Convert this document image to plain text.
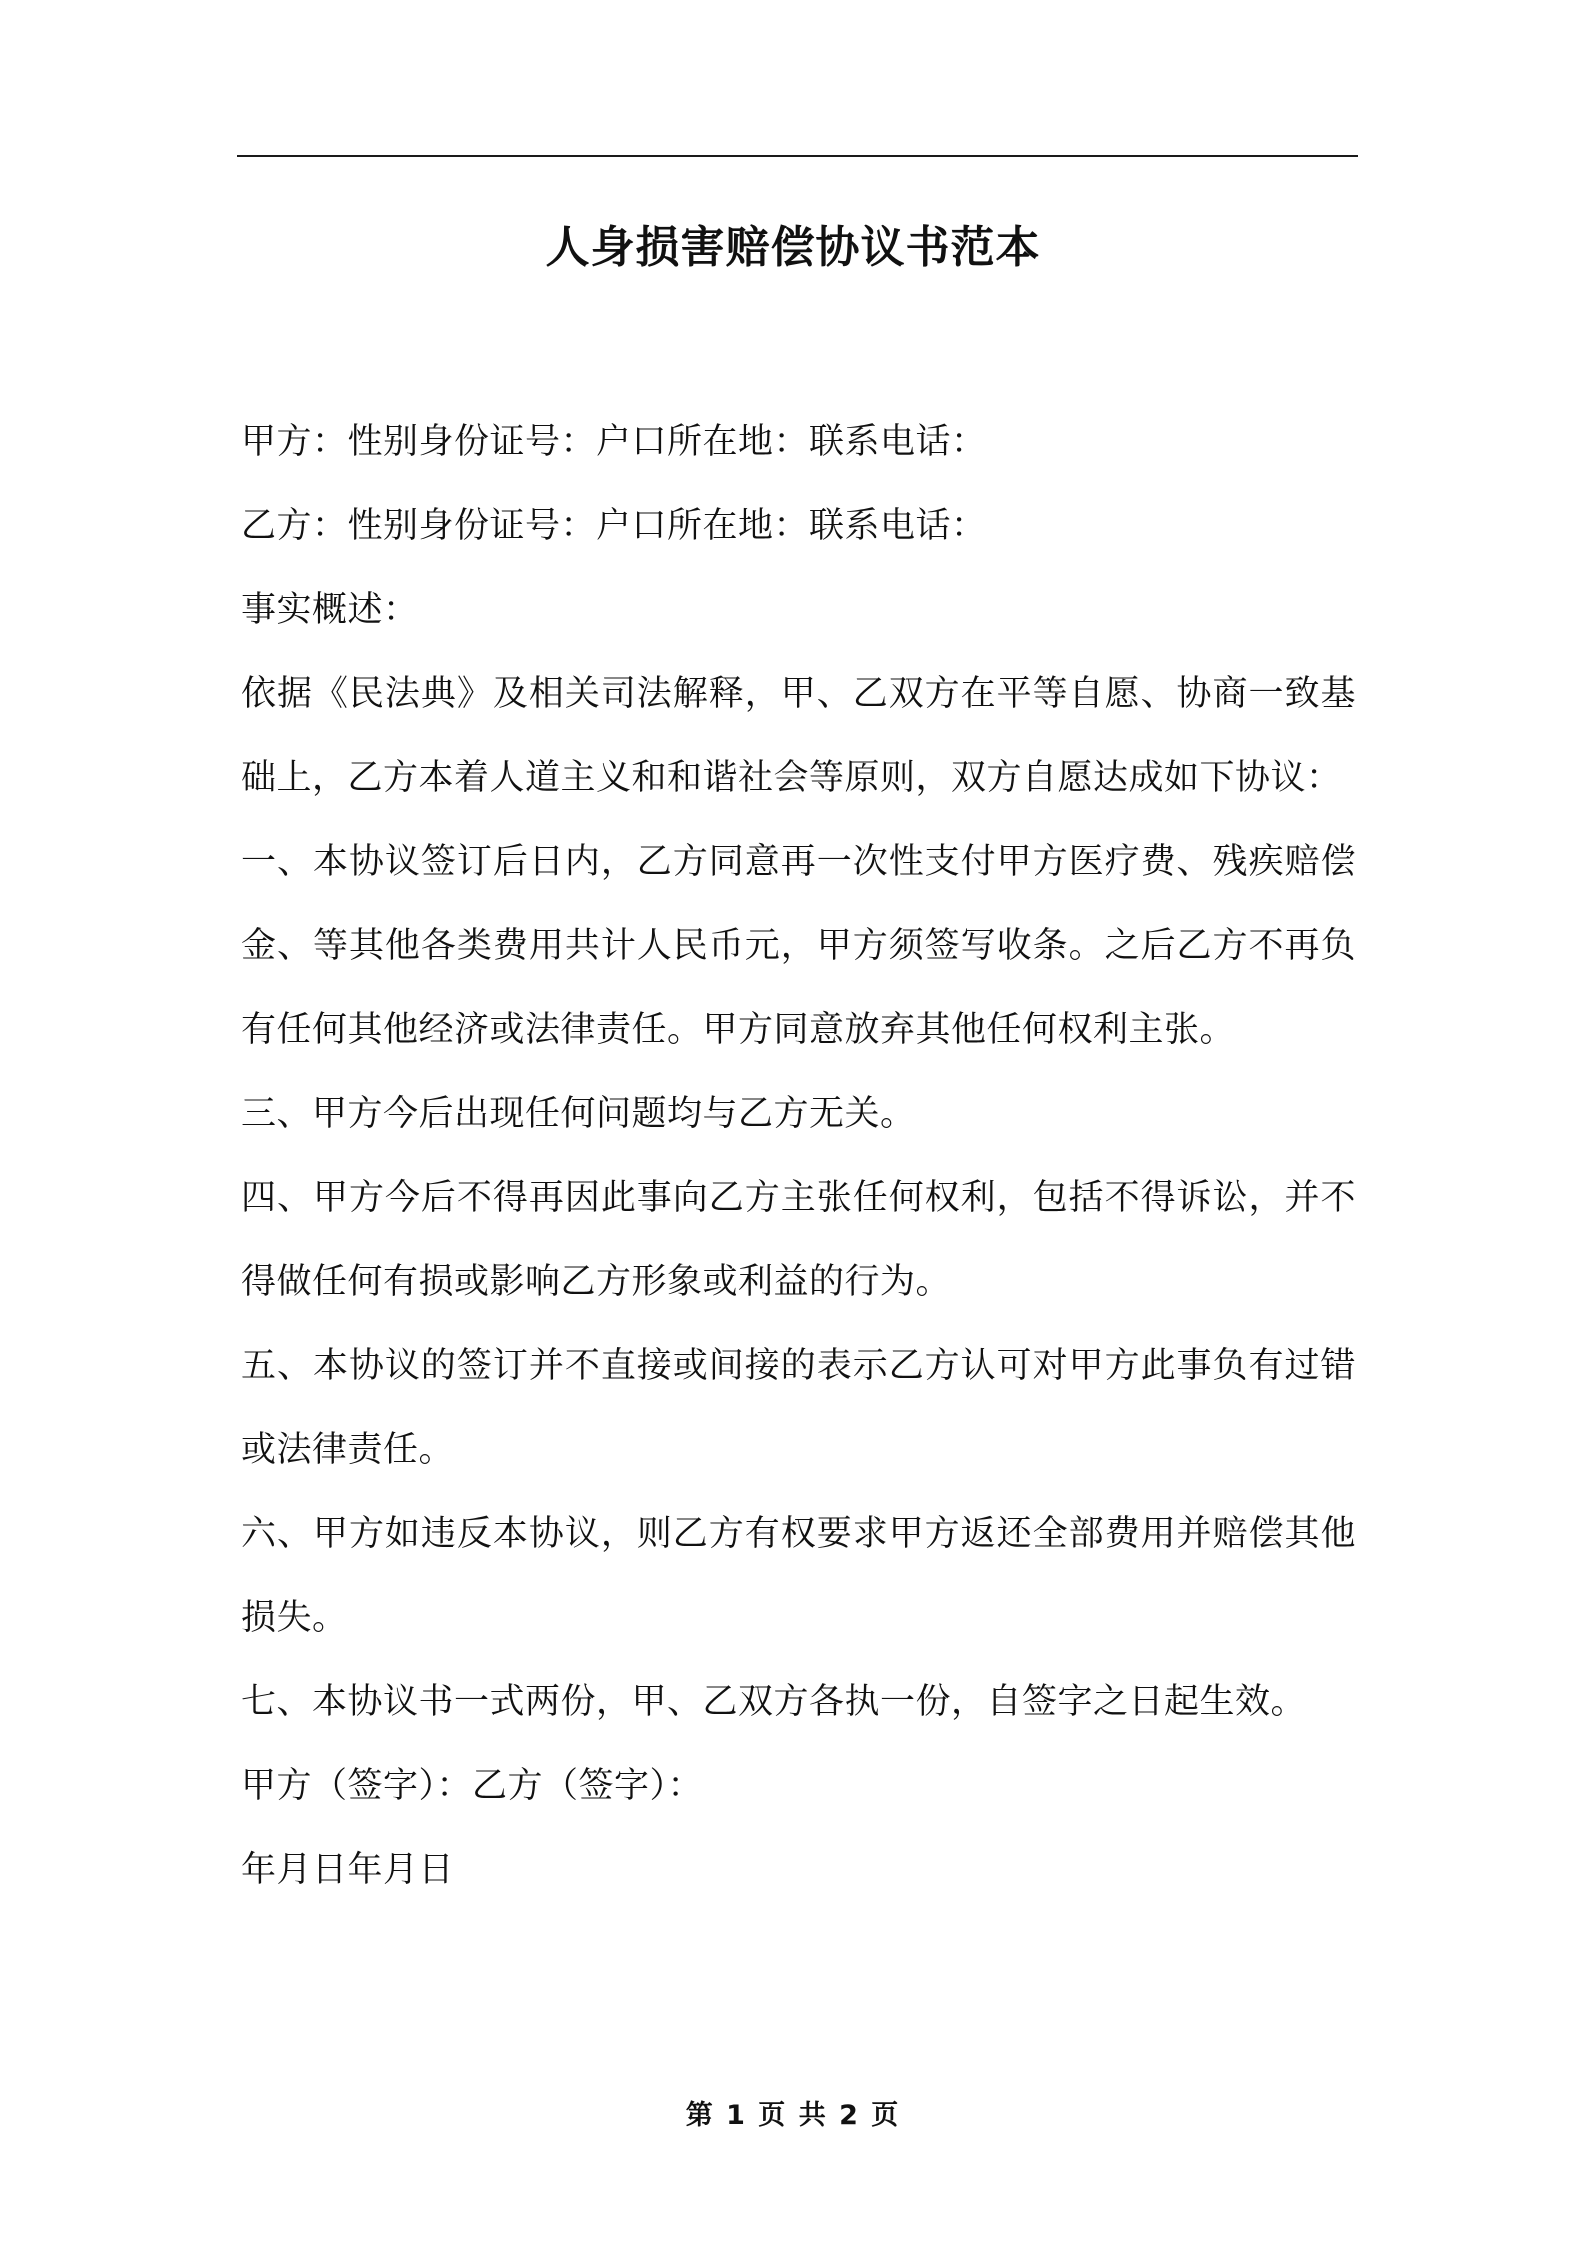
人身损害赔偿协议书范本

甲方：性别身份证号：户口所在地：联系电话：

乙方：性别身份证号：户口所在地：联系电话：

事实概述：

依据《民法典》及相关司法解释，甲、乙双方在平等自愿、协商一致基础上，乙方本着人道主义和和谐社会等原则，双方自愿达成如下协议：

一、本协议签订后日内，乙方同意再一次性支付甲方医疗费、残疾赔偿金、等其他各类费用共计人民币元，甲方须签写收条。之后乙方不再负有任何其他经济或法律责任。甲方同意放弃其他任何权利主张。

三、甲方今后出现任何问题均与乙方无关。

四、甲方今后不得再因此事向乙方主张任何权利，包括不得诉讼，并不得做任何有损或影响乙方形象或利益的行为。

五、本协议的签订并不直接或间接的表示乙方认可对甲方此事负有过错或法律责任。

六、甲方如违反本协议，则乙方有权要求甲方返还全部费用并赔偿其他损失。

七、本协议书一式两份，甲、乙双方各执一份，自签字之日起生效。

甲方（签字）：乙方（签字）：

年月日年月日

第 1 页 共 2 页
